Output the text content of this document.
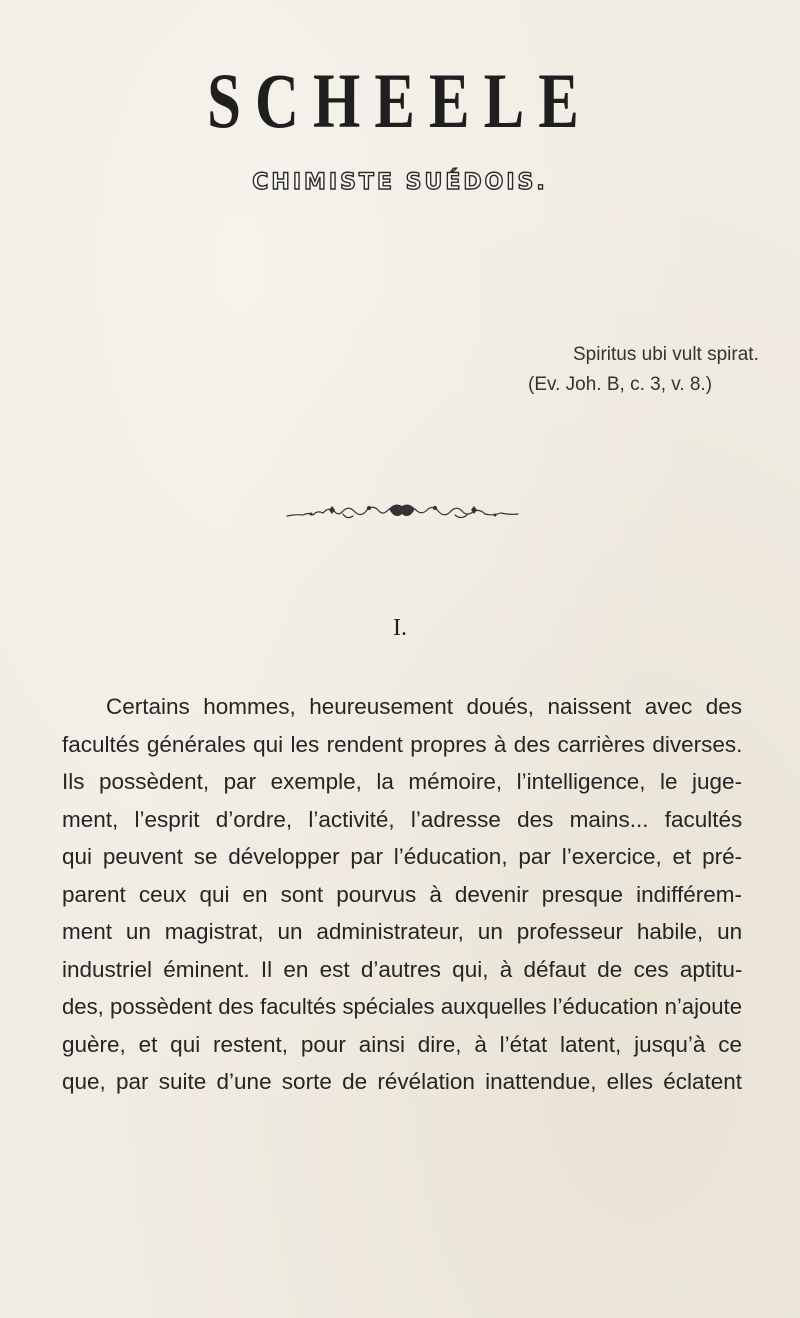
SCHEELE
CHIMISTE SUÉDOIS.
Spiritus ubi vult spirat.
(Ev. Joh. B, c. 3, v. 8.)
I.
Certains hommes, heureusement doués, naissent avec des
facultés générales qui les rendent propres à des carrières diverses.
Ils possèdent, par exemple, la mémoire, l’intelligence, le juge-
ment, l’esprit d’ordre, l’activité, l’adresse des mains... facultés
qui peuvent se développer par l’éducation, par l’exercice, et pré-
parent ceux qui en sont pourvus à devenir presque indifférem-
ment un magistrat, un administrateur, un professeur habile, un
industriel éminent. Il en est d’autres qui, à défaut de ces aptitu-
des, possèdent des facultés spéciales auxquelles l’éducation n’ajoute
guère, et qui restent, pour ainsi dire, à l’état latent, jusqu’à ce
que, par suite d’une sorte de révélation inattendue, elles éclatent
